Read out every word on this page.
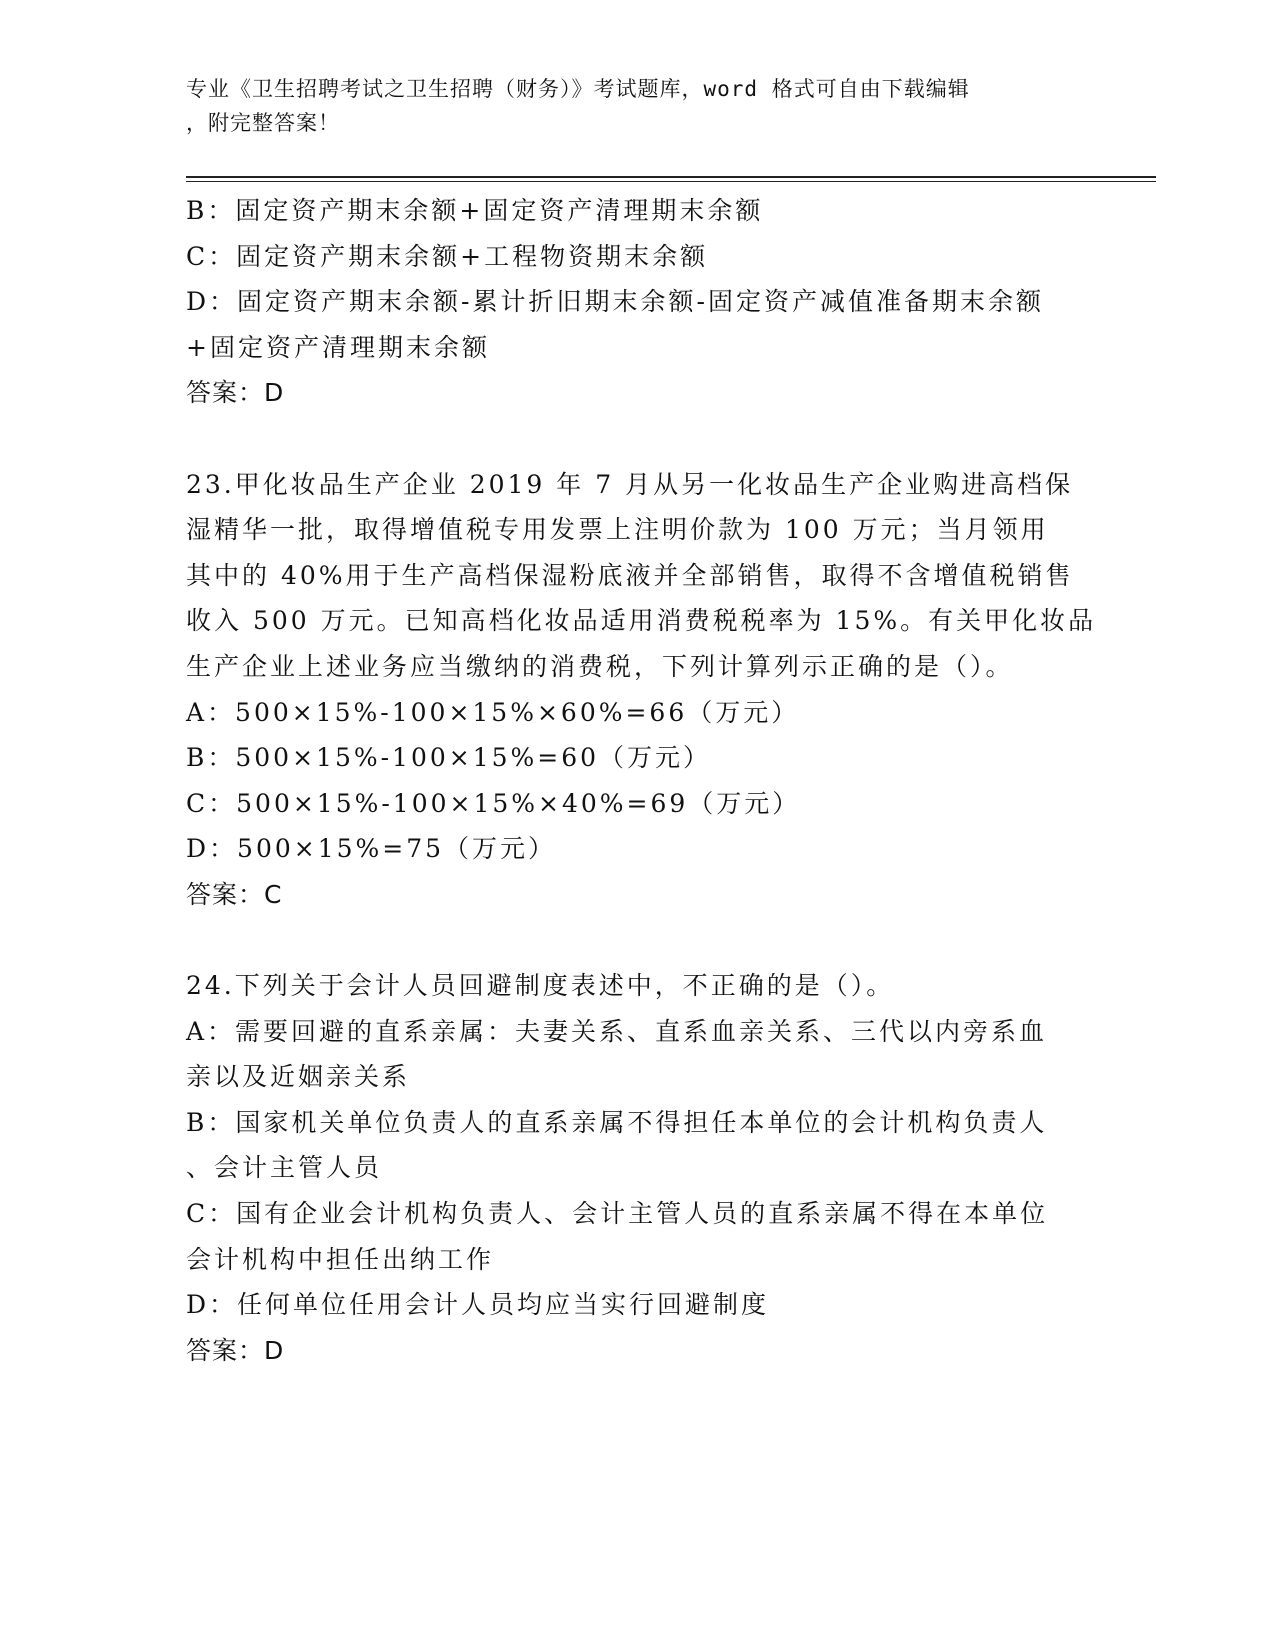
专业《卫生招聘考试之卫生招聘（财务）》考试题库，word 格式可自由下载编辑
，附完整答案！
B：固定资产期末余额+固定资产清理期末余额
C：固定资产期末余额+工程物资期末余额
D：固定资产期末余额-累计折旧期末余额-固定资产减值准备期末余额
+固定资产清理期末余额
答案：D
23.甲化妆品生产企业 2019 年 7 月从另一化妆品生产企业购进高档保
湿精华一批，取得增值税专用发票上注明价款为 100 万元；当月领用
其中的 40%用于生产高档保湿粉底液并全部销售，取得不含增值税销售
收入 500 万元。已知高档化妆品适用消费税税率为 15%。有关甲化妆品
生产企业上述业务应当缴纳的消费税，下列计算列示正确的是（）。
A：500×15%-100×15%×60%=66（万元）
B：500×15%-100×15%=60（万元）
C：500×15%-100×15%×40%=69（万元）
D：500×15%=75（万元）
答案：C
24.下列关于会计人员回避制度表述中，不正确的是（）。
A：需要回避的直系亲属：夫妻关系、直系血亲关系、三代以内旁系血
亲以及近姻亲关系
B：国家机关单位负责人的直系亲属不得担任本单位的会计机构负责人
、会计主管人员
C：国有企业会计机构负责人、会计主管人员的直系亲属不得在本单位
会计机构中担任出纳工作
D：任何单位任用会计人员均应当实行回避制度
答案：D
